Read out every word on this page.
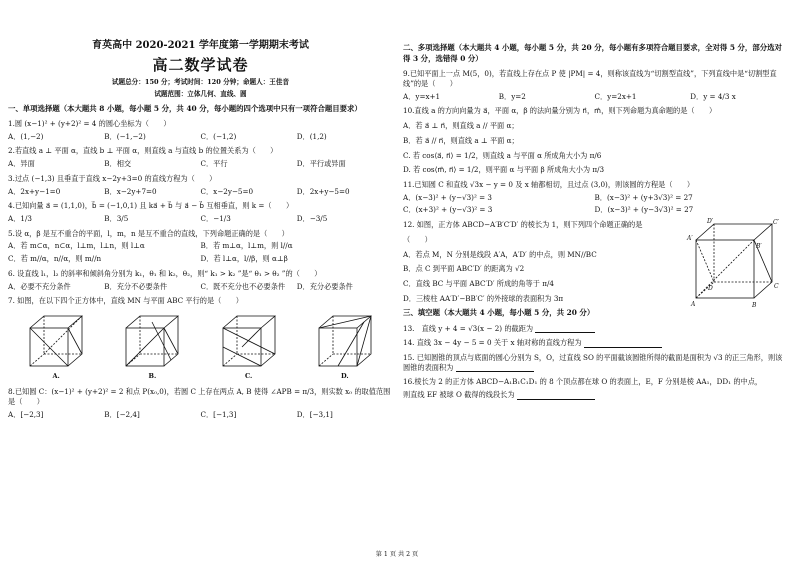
育英高中 2020-2021 学年度第一学期期末考试
高二数学试卷
试题总分：150 分；考试时间：120 分钟；命题人：王佳音
试题范围：立体几何、直线、圆
一、单项选择题（本大题共 8 小题，每小题 5 分，共 40 分，每小题的四个选项中只有一项符合题目要求）
1.圆 (x−1)² + (y+2)² = 4 的圆心坐标为（　　）
A．(1,−2)	B．(−1,−2)	C．(−1,2)	D．(1,2)
2.若直线 a ⊥ 平面 α，直线 b ⊥ 平面 α，则直线 a 与直线 b 的位置关系为（　　）
A．异面	B．相交	C．平行	D．平行或异面
3.过点 (−1,3) 且垂直于直线 x−2y+3=0 的直线方程为（　　）
A．2x+y−1=0	B．x−2y+7=0	C．x−2y−5=0	D．2x+y−5=0
4.已知向量 a⃗ = (1,1,0)，b⃗ = (−1,0,1) 且 ka⃗ + b⃗ 与 a⃗ − b⃗ 互相垂直，则 k =（　　）
A．1/3	B．3/5	C．−1/3	D．−3/5
5.设 α，β 是互不重合的平面，l，m，n 是互不重合的直线，下列命题正确的是（　　）
A．若 m⊂α，n⊂α，l⊥m，l⊥n，则 l⊥α	B．若 m⊥α，l⊥m，则 l//α
C．若 m//α，n//α，则 m//n	D．若 l⊥α，l//β，则 α⊥β
6. 设直线 l₁，l₂ 的斜率和倾斜角分别为 k₁，θ₁ 和 k₂，θ₂，则“ k₁ > k₂ ”是“ θ₁ > θ₂ ”的（　　）
A．必要不充分条件	B．充分不必要条件	C．既不充分也不必要条件	D．充分必要条件
7. 如图，在以下四个正方体中，直线 MN 与平面 ABC 平行的是（　　）
A.	B.	C.	D.
8.已知圆 C：(x−1)² + (y+2)² = 2 和点 P(x₀,0)，若圆 C 上存在两点 A, B 使得 ∠APB = π/3，则实数 x₀ 的取值范围是（　　）
A．[−2,3]	B．[−2,4]	C．[−1,3]	D．[−3,1]
二、多项选择题（本大题共 4 小题，每小题 5 分，共 20 分，每小题有多项符合题目要求，全对得 5 分，部分选对得 3 分，选错得 0 分）
9.已知平面上一点 M(5，0)，若直线上存在点 P 使 |PM| = 4，则称该直线为“切割型直线”，下列直线中是“切割型直线”的是（　　）
A．y=x+1	B．y=2	C．y=2x+1	D．y = 4/3 x
10.直线 a 的方向向量为 a⃗，平面 α，β 的法向量分别为 n⃗，m⃗，则下列命题为真命题的是（　　）
A．若 a⃗ ⊥ n⃗，则直线 a // 平面 α；
B．若 a⃗ // n⃗，则直线 a ⊥ 平面 α；
C. 若 cos⟨a⃗, n⃗⟩ = 1/2，则直线 a 与平面 α 所成角大小为 π/6
D. 若 cos⟨m⃗, n⃗⟩ = 1/2，则平面 α 与平面 β 所成角大小为 π/3
11.已知圆 C 和直线 √3x − y = 0 及 x 轴都相切，且过点 (3,0)，则该圆的方程是（　　）
A．(x−3)² + (y−√3)² = 3	B．(x−3)² + (y+3√3)² = 27
C．(x+3)² + (y−√3)² = 3	D．(x−3)² + (y−3√3)² = 27
12. 如图，正方体 ABCD−A′B′C′D′ 的棱长为 1，则下列四个命题正确的是
（　　）
A．若点 M，N 分别是线段 A′A，A′D′ 的中点，则 MN//BC
B．点 C 到平面 ABC′D′ 的距离为 √2
C．直线 BC 与平面 ABC′D′ 所成的角等于 π/4
D．三棱柱 AA′D′−BB′C′ 的外接球的表面积为 3π
A	B
C
D
A′
B′
C′
D′
三、填空题（本大题共 4 小题，每小题 5 分，共 20 分）
13.　直线 y + 4 = √3(x − 2) 的截距为
14. 直线 3x − 4y − 5 = 0 关于 x 轴对称的直线方程为
15. 已知圆锥的顶点与底面的圆心分别为 S，O，过直线 SO 的平面截该圆锥所得的截面是面积为 √3 的正三角形，则该圆锥的表面积为
16.棱长为 2 的正方体 ABCD−A₁B₁C₁D₁ 的 8 个顶点都在球 O 的表面上，E，F 分别是棱 AA₁，DD₁ 的中点，
则直线 EF 被球 O 截得的线段长为
第 1 页 共 2 页
